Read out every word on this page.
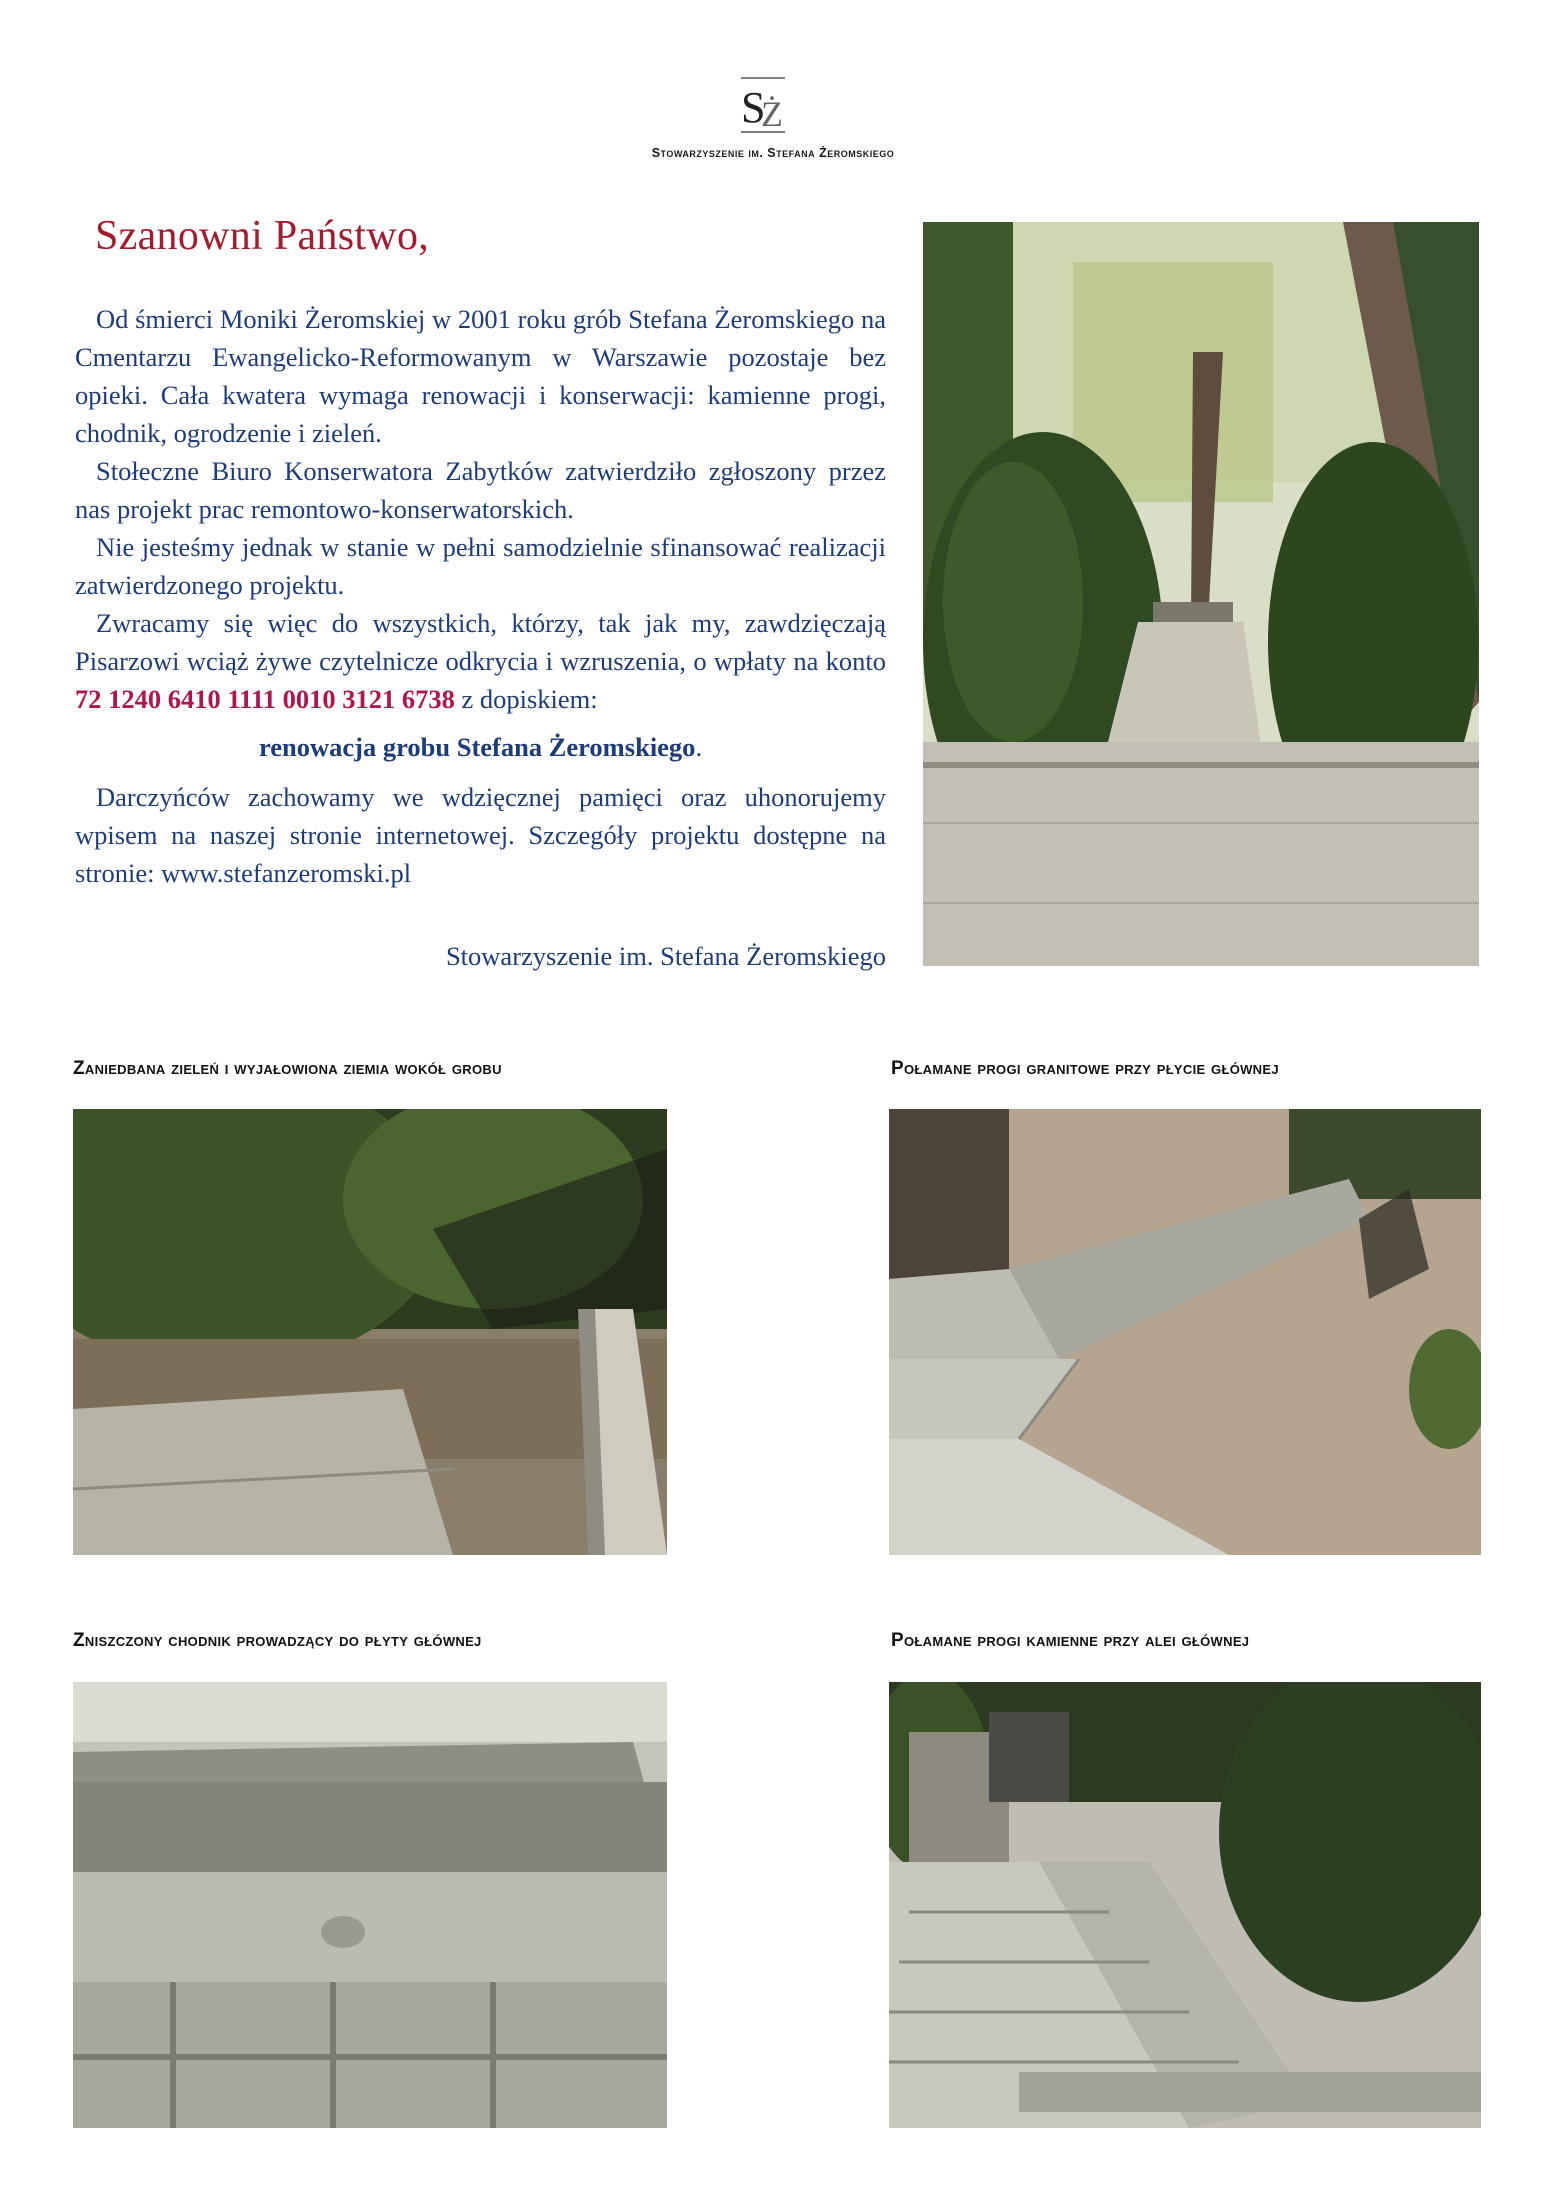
S
Ż
Stowarzyszenie im. Stefana Żeromskiego
Szanowni Państwo,

Od śmierci Moniki Żeromskiej w 2001 roku grób Stefana Żeromskiego na Cmentarzu Ewangelicko-Reformowanym w Warszawie pozostaje bez opieki. Cała kwatera wymaga renowacji i konserwacji: kamienne progi, chodnik, ogrodzenie i zieleń.

Stołeczne Biuro Konserwatora Zabytków zatwierdziło zgłoszony przez nas projekt prac remontowo-konserwatorskich.

Nie jesteśmy jednak w stanie w pełni samodzielnie sfinansować realizacji zatwierdzonego projektu.

Zwracamy się więc do wszystkich, którzy, tak jak my, zawdzięczają Pisarzowi wciąż żywe czytelnicze odkrycia i wzruszenia, o wpłaty na konto 72 1240 6410 1111 0010 3121 6738 z dopiskiem:

renowacja grobu Stefana Żeromskiego.

Darczyńców zachowamy we wdzięcznej pamięci oraz uhonorujemy wpisem na naszej stronie internetowej. Szczegóły projektu dostępne na stronie: www.stefanzeromski.pl

Stowarzyszenie im. Stefana Żeromskiego
Zaniedbana zieleń i wyjałowiona ziemia wokół grobu	Połamane progi granitowe przy płycie głównej
Zniszczony chodnik prowadzący do płyty głównej	Połamane progi kamienne przy alei głównej
